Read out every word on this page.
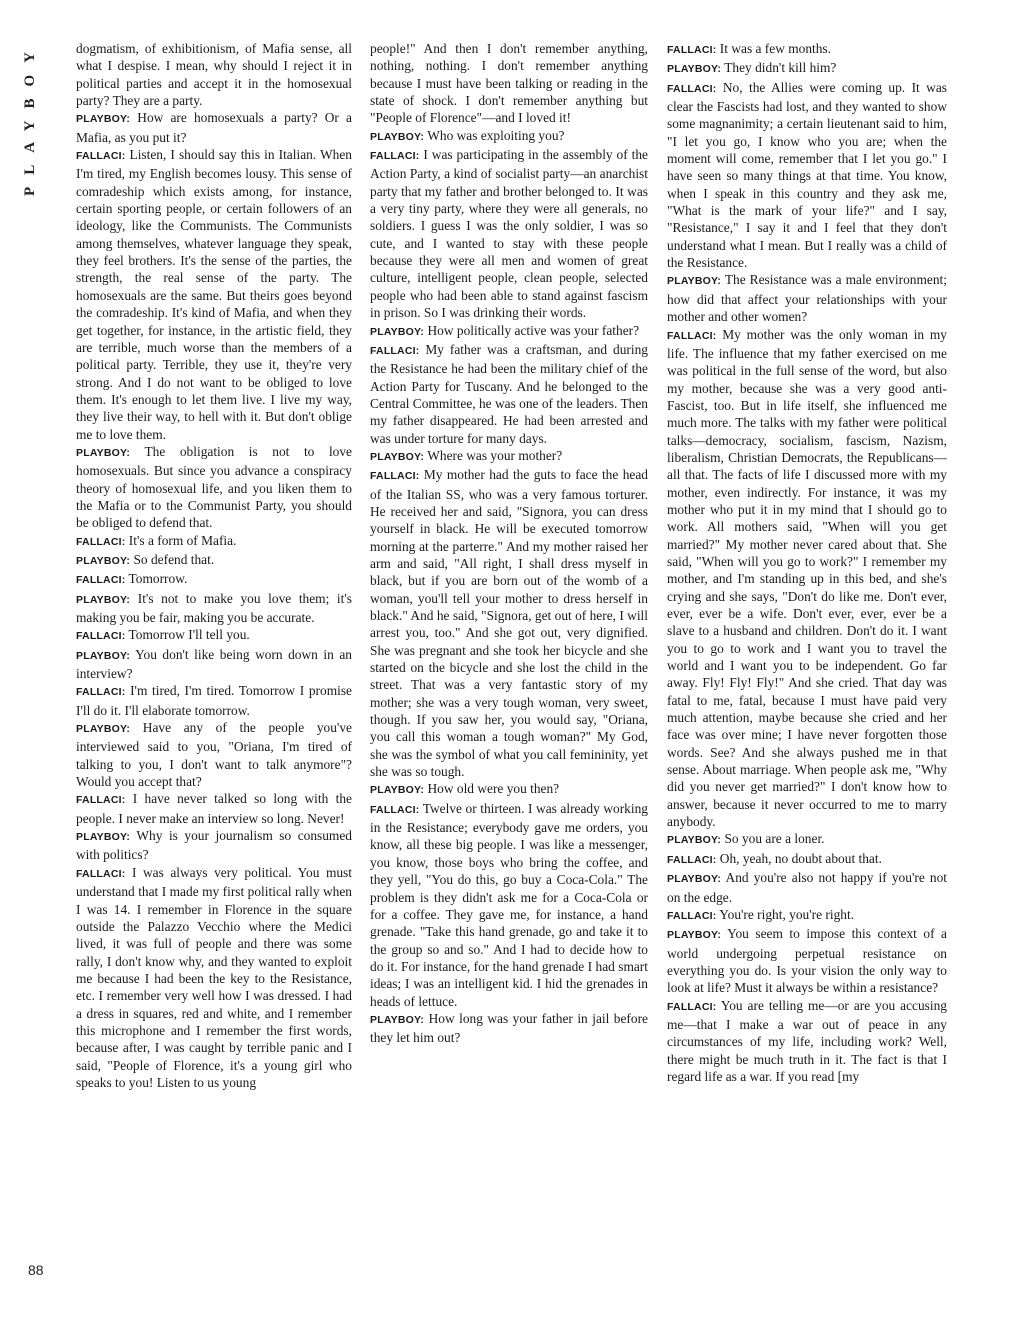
PLAYBOY
88

dogmatism, of exhibitionism, of Mafia sense, all what I despise. I mean, why should I reject it in political parties and accept it in the homosexual party? They are a party.

PLAYBOY: How are homosexuals a party? Or a Mafia, as you put it?

FALLACI: Listen, I should say this in Italian. When I'm tired, my English becomes lousy. This sense of comradeship which exists among, for instance, certain sporting people, or certain followers of an ideology, like the Communists. The Communists among themselves, whatever language they speak, they feel brothers. It's the sense of the parties, the strength, the real sense of the party. The homosexuals are the same. But theirs goes beyond the comradeship. It's kind of Mafia, and when they get together, for instance, in the artistic field, they are terrible, much worse than the members of a political party. Terrible, they use it, they're very strong. And I do not want to be obliged to love them. It's enough to let them live. I live my way, they live their way, to hell with it. But don't oblige me to love them.

PLAYBOY: The obligation is not to love homosexuals. But since you advance a conspiracy theory of homosexual life, and you liken them to the Mafia or to the Communist Party, you should be obliged to defend that.

FALLACI: It's a form of Mafia.

PLAYBOY: So defend that.

FALLACI: Tomorrow.

PLAYBOY: It's not to make you love them; it's making you be fair, making you be accurate.

FALLACI: Tomorrow I'll tell you.

PLAYBOY: You don't like being worn down in an interview?

FALLACI: I'm tired, I'm tired. Tomorrow I promise I'll do it. I'll elaborate tomorrow.

PLAYBOY: Have any of the people you've interviewed said to you, "Oriana, I'm tired of talking to you, I don't want to talk anymore"? Would you accept that?

FALLACI: I have never talked so long with the people. I never make an interview so long. Never!

PLAYBOY: Why is your journalism so consumed with politics?

FALLACI: I was always very political. You must understand that I made my first political rally when I was 14. I remember in Florence in the square outside the Palazzo Vecchio where the Medici lived, it was full of people and there was some rally, I don't know why, and they wanted to exploit me because I had been the key to the Resistance, etc. I remember very well how I was dressed. I had a dress in squares, red and white, and I remember this microphone and I remember the first words, because after, I was caught by terrible panic and I said, "People of Florence, it's a young girl who speaks to you! Listen to us young

people!" And then I don't remember anything, nothing, nothing. I don't remember anything because I must have been talking or reading in the state of shock. I don't remember anything but "People of Florence"—and I loved it!

PLAYBOY: Who was exploiting you?

FALLACI: I was participating in the assembly of the Action Party, a kind of socialist party—an anarchist party that my father and brother belonged to. It was a very tiny party, where they were all generals, no soldiers. I guess I was the only soldier, I was so cute, and I wanted to stay with these people because they were all men and women of great culture, intelligent people, clean people, selected people who had been able to stand against fascism in prison. So I was drinking their words.

PLAYBOY: How politically active was your father?

FALLACI: My father was a craftsman, and during the Resistance he had been the military chief of the Action Party for Tuscany. And he belonged to the Central Committee, he was one of the leaders. Then my father disappeared. He had been arrested and was under torture for many days.

PLAYBOY: Where was your mother?

FALLACI: My mother had the guts to face the head of the Italian SS, who was a very famous torturer. He received her and said, "Signora, you can dress yourself in black. He will be executed tomorrow morning at the parterre." And my mother raised her arm and said, "All right, I shall dress myself in black, but if you are born out of the womb of a woman, you'll tell your mother to dress herself in black." And he said, "Signora, get out of here, I will arrest you, too." And she got out, very dignified. She was pregnant and she took her bicycle and she started on the bicycle and she lost the child in the street. That was a very fantastic story of my mother; she was a very tough woman, very sweet, though. If you saw her, you would say, "Oriana, you call this woman a tough woman?" My God, she was the symbol of what you call femininity, yet she was so tough.

PLAYBOY: How old were you then?

FALLACI: Twelve or thirteen. I was already working in the Resistance; everybody gave me orders, you know, all these big people. I was like a messenger, you know, those boys who bring the coffee, and they yell, "You do this, go buy a Coca-Cola." The problem is they didn't ask me for a Coca-Cola or for a coffee. They gave me, for instance, a hand grenade. "Take this hand grenade, go and take it to the group so and so." And I had to decide how to do it. For instance, for the hand grenade I had smart ideas; I was an intelligent kid. I hid the grenades in heads of lettuce.

PLAYBOY: How long was your father in jail before they let him out?

FALLACI: It was a few months.

PLAYBOY: They didn't kill him?

FALLACI: No, the Allies were coming up. It was clear the Fascists had lost, and they wanted to show some magnanimity; a certain lieutenant said to him, "I let you go, I know who you are; when the moment will come, remember that I let you go." I have seen so many things at that time. You know, when I speak in this country and they ask me, "What is the mark of your life?" and I say, "Resistance," I say it and I feel that they don't understand what I mean. But I really was a child of the Resistance.

PLAYBOY: The Resistance was a male environment; how did that affect your relationships with your mother and other women?

FALLACI: My mother was the only woman in my life. The influence that my father exercised on me was political in the full sense of the word, but also my mother, because she was a very good anti-Fascist, too. But in life itself, she influenced me much more. The talks with my father were political talks—democracy, socialism, fascism, Nazism, liberalism, Christian Democrats, the Republicans—all that. The facts of life I discussed more with my mother, even indirectly. For instance, it was my mother who put it in my mind that I should go to work. All mothers said, "When will you get married?" My mother never cared about that. She said, "When will you go to work?" I remember my mother, and I'm standing up in this bed, and she's crying and she says, "Don't do like me. Don't ever, ever, ever be a wife. Don't ever, ever, ever be a slave to a husband and children. Don't do it. I want you to go to work and I want you to travel the world and I want you to be independent. Go far away. Fly! Fly! Fly!" And she cried. That day was fatal to me, fatal, because I must have paid very much attention, maybe because she cried and her face was over mine; I have never forgotten those words. See? And she always pushed me in that sense. About marriage. When people ask me, "Why did you never get married?" I don't know how to answer, because it never occurred to me to marry anybody.

PLAYBOY: So you are a loner.

FALLACI: Oh, yeah, no doubt about that.

PLAYBOY: And you're also not happy if you're not on the edge.

FALLACI: You're right, you're right.

PLAYBOY: You seem to impose this context of a world undergoing perpetual resistance on everything you do. Is your vision the only way to look at life? Must it always be within a resistance?

FALLACI: You are telling me—or are you accusing me—that I make a war out of peace in any circumstances of my life, including work? Well, there might be much truth in it. The fact is that I regard life as a war. If you read [my
